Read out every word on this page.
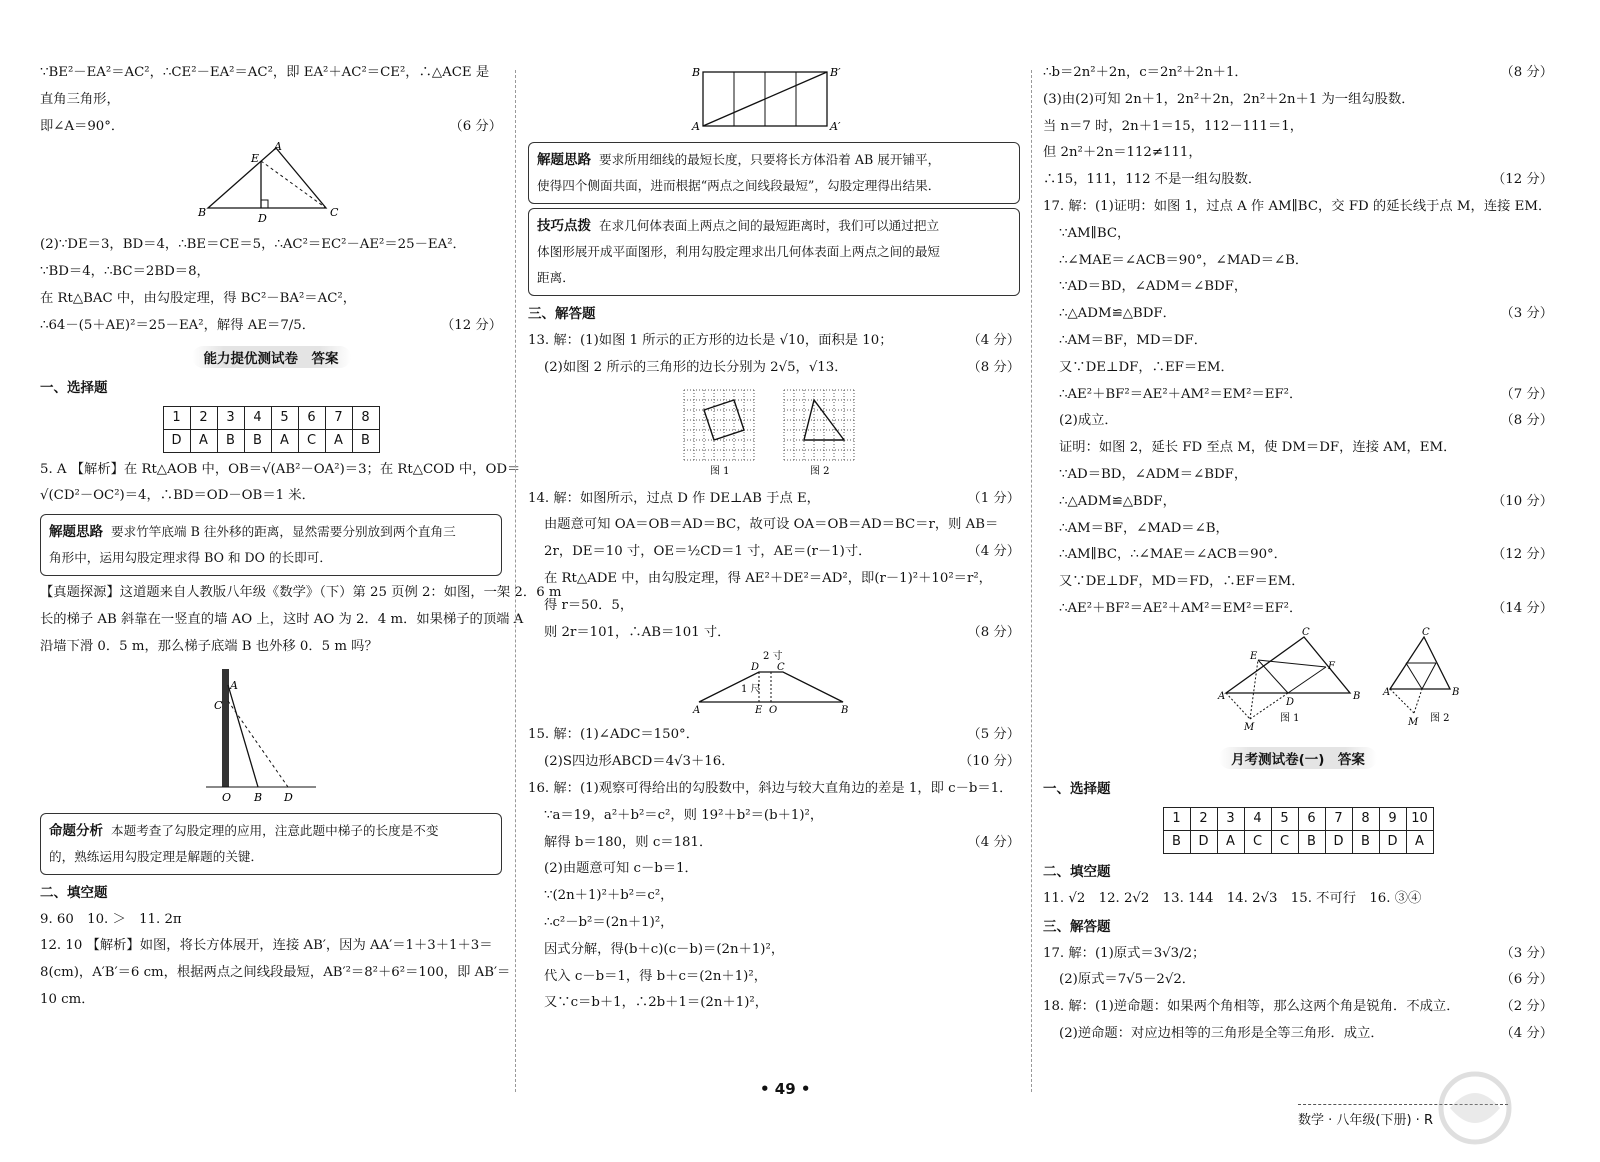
∵BE²－EA²＝AC²，∴CE²－EA²＝AC²，即 EA²＋AC²＝CE²，∴△ACE 是
直角三角形，
即∠A＝90°．	（6 分）
A
B	C
D
E
(2)∵DE＝3，BD＝4，∴BE＝CE＝5，∴AC²＝EC²－AE²＝25－EA²．
∵BD＝4，∴BC＝2BD＝8，
在 Rt△BAC 中，由勾股定理，得 BC²－BA²＝AC²，
∴64－(5＋AE)²＝25－EA²，解得 AE＝7/5．	（12 分）
能力提优测试卷　答案
一、选择题
1	2	3	4	5	6	7	8
D	A	B	B	A	C	A	B
5. A 【解析】在 Rt△AOB 中，OB＝√(AB²－OA²)＝3；在 Rt△COD 中，OD＝
√(CD²－OC²)＝4，∴BD＝OD－OB＝1 米．
解题思路 要求竹竿底端 B 往外移的距离，显然需要分别放到两个直角三
角形中，运用勾股定理求得 BO 和 DO 的长即可．
【真题探源】这道题来自人教版八年级《数学》（下）第 25 页例 2：如图，一架 2．6 m
长的梯子 AB 斜靠在一竖直的墙 AO 上，这时 AO 为 2．4 m．如果梯子的顶端 A
沿墙下滑 0．5 m，那么梯子底端 B 也外移 0．5 m 吗？
A
C
O B D
命题分析 本题考查了勾股定理的应用，注意此题中梯子的长度是不变
的，熟练运用勾股定理是解题的关键．
二、填空题
9. 60　10. ＞　11. 2π
12. 10 【解析】如图，将长方体展开，连接 AB′，因为 AA′＝1＋3＋1＋3＝
8(cm)，A′B′＝6 cm，根据两点之间线段最短，AB′²＝8²＋6²＝100，即 AB′＝
10 cm．
B
A
B′
A′
解题思路 要求所用细线的最短长度，只要将长方体沿着 AB 展开铺平，
使得四个侧面共面，进而根据“两点之间线段最短”，勾股定理得出结果．
技巧点拨 在求几何体表面上两点之间的最短距离时，我们可以通过把立
体图形展开成平面图形，利用勾股定理求出几何体表面上两点之间的最短
距离．
三、解答题
13. 解：(1)如图 1 所示的正方形的边长是 √10，面积是 10；	（4 分）
(2)如图 2 所示的三角形的边长分别为 2√5，√13．	（8 分）
图 1	图 2
14. 解：如图所示，过点 D 作 DE⊥AB 于点 E，	（1 分）
由题意可知 OA＝OB＝AD＝BC，故可设 OA＝OB＝AD＝BC＝r，则 AB＝
2r，DE＝10 寸，OE＝½CD＝1 寸，AE＝(r－1)寸．	（4 分）
在 Rt△ADE 中，由勾股定理，得 AE²＋DE²＝AD²，即(r－1)²＋10²＝r²，
得 r＝50．5，
则 2r＝101，∴AB＝101 寸．	（8 分）
2 寸
D C
1 尺
A	E O	B
15. 解：(1)∠ADC＝150°．	（5 分）
(2)S四边形ABCD＝4√3＋16．	（10 分）
16. 解：(1)观察可得给出的勾股数中，斜边与较大直角边的差是 1，即 c－b＝1．
∵a＝19，a²＋b²＝c²，则 19²＋b²＝(b＋1)²，
解得 b＝180，则 c＝181．	（4 分）
(2)由题意可知 c－b＝1．
∵(2n＋1)²＋b²＝c²，
∴c²－b²＝(2n＋1)²，
因式分解，得(b＋c)(c－b)＝(2n＋1)²，
代入 c－b＝1，得 b＋c＝(2n＋1)²，
又∵c＝b＋1，∴2b＋1＝(2n＋1)²，
∴b＝2n²＋2n，c＝2n²＋2n＋1．	（8 分）
(3)由(2)可知 2n＋1，2n²＋2n，2n²＋2n＋1 为一组勾股数．
当 n＝7 时，2n＋1＝15，112－111＝1，
但 2n²＋2n＝112≠111，
∴15，111，112 不是一组勾股数．	（12 分）
17. 解：(1)证明：如图 1，过点 A 作 AM∥BC，交 FD 的延长线于点 M，连接 EM．
∵AM∥BC，
∴∠MAE＝∠ACB＝90°，∠MAD＝∠B．
∵AD＝BD，∠ADM＝∠BDF，
∴△ADM≌△BDF．	（3 分）
∴AM＝BF，MD＝DF．
又∵DE⊥DF，∴EF＝EM．
∴AE²＋BF²＝AE²＋AM²＝EM²＝EF²．	（7 分）
(2)成立．	（8 分）
证明：如图 2，延长 FD 至点 M，使 DM＝DF，连接 AM，EM．
∵AD＝BD，∠ADM＝∠BDF，
∴△ADM≌△BDF，	（10 分）
∴AM＝BF，∠MAD＝∠B，
∴AM∥BC，∴∠MAE＝∠ACB＝90°．	（12 分）
又∵DE⊥DF，MD＝FD，∴EF＝EM．
∴AE²＋BF²＝AE²＋AM²＝EM²＝EF²．	（14 分）
A	B
C
D
E
F
M
图 1
A	B
C
M 图 2
月考测试卷(一)　答案
一、选择题
1	2	3	4	5	6	7	8	9	10
B	D	A	C	C	B	D	B	D	A
二、填空题
11. √2　12. 2√2　13. 144　14. 2√3　15. 不可行　16. ③④
三、解答题
17. 解：(1)原式＝3√3/2；	（3 分）
(2)原式＝7√5－2√2．	（6 分）
18. 解：(1)逆命题：如果两个角相等，那么这两个角是锐角．不成立．	（2 分）
(2)逆命题：对应边相等的三角形是全等三角形．成立．	（4 分）
• 49 •
数学 · 八年级(下册) · R
